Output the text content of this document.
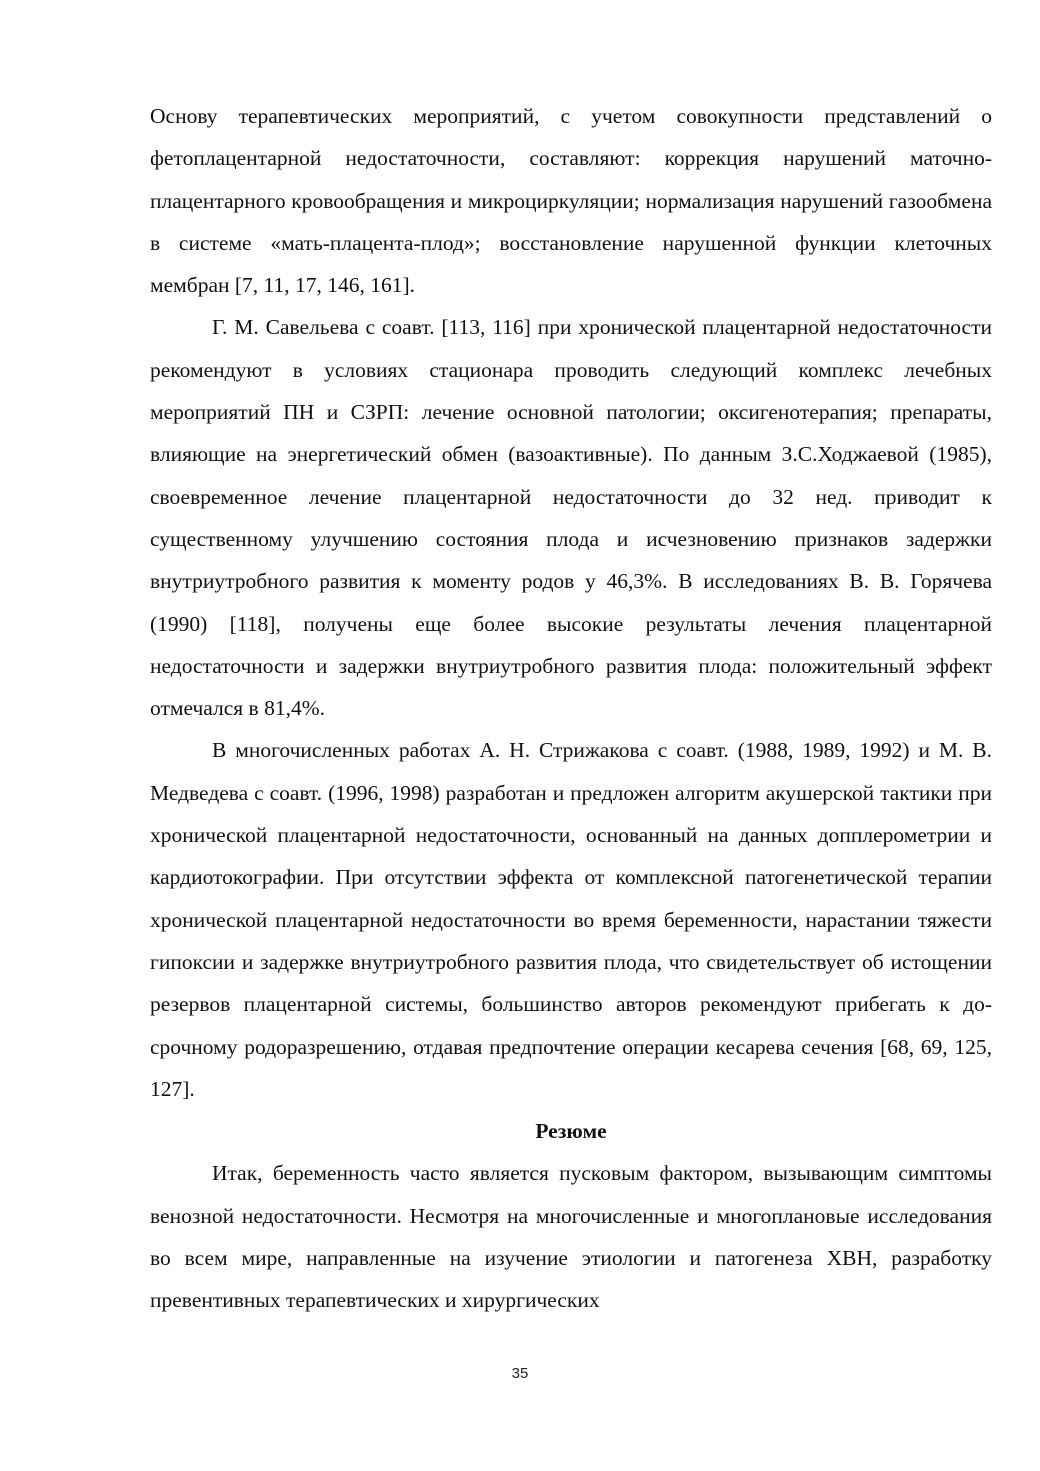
Основу терапевтических мероприятий, с учетом совокупности представлений о фетоплацентарной недостаточности, составляют: коррекция нарушений маточно-плацентарного кровообращения и микроциркуляции; нормализация нарушений газообмена в системе «мать-плацента-плод»; восстановление нарушенной функции клеточных мембран [7, 11, 17, 146, 161].

Г. М. Савельева с соавт. [113, 116] при хронической плацентарной недостаточности рекомендуют в условиях стационара проводить следующий комплекс лечебных мероприятий ПН и СЗРП: лечение основной патологии; оксигенотерапия; препараты, влияющие на энергетический обмен (вазоактивные). По данным З.С.Ходжаевой (1985), своевременное лечение плацентарной недостаточности до 32 нед. приводит к существенному улучшению состояния плода и исчезновению признаков задержки внутриутробного развития к моменту родов у 46,3%. В исследованиях В. В. Горячева (1990) [118], получены еще более высокие результаты лечения плацентарной недостаточности и задержки внутриутробного развития плода: положительный эффект отмечался в 81,4%.

В многочисленных работах А. Н. Стрижакова с соавт. (1988, 1989, 1992) и М. В. Медведева с соавт. (1996, 1998) разработан и предложен алгоритм акушерской тактики при хронической плацентарной недостаточности, основанный на данных допплерометрии и кардиотокографии. При отсутствии эффекта от комплексной патогенетической терапии хронической плацентарной недостаточности во время беременности, нарастании тяжести гипоксии и задержке внутриутробного развития плода, что свидетельствует об истощении резервов плацентарной системы, большинство авторов рекомендуют прибегать к досрочному родоразрешению, отдавая предпочтение операции кесарева сечения [68, 69, 125, 127].

Резюме

Итак, беременность часто является пусковым фактором, вызывающим симптомы венозной недостаточности. Несмотря на многочисленные и многоплановые исследования во всем мире, направленные на изучение этиологии и патогенеза ХВН, разработку превентивных терапевтических и хирургических

35
